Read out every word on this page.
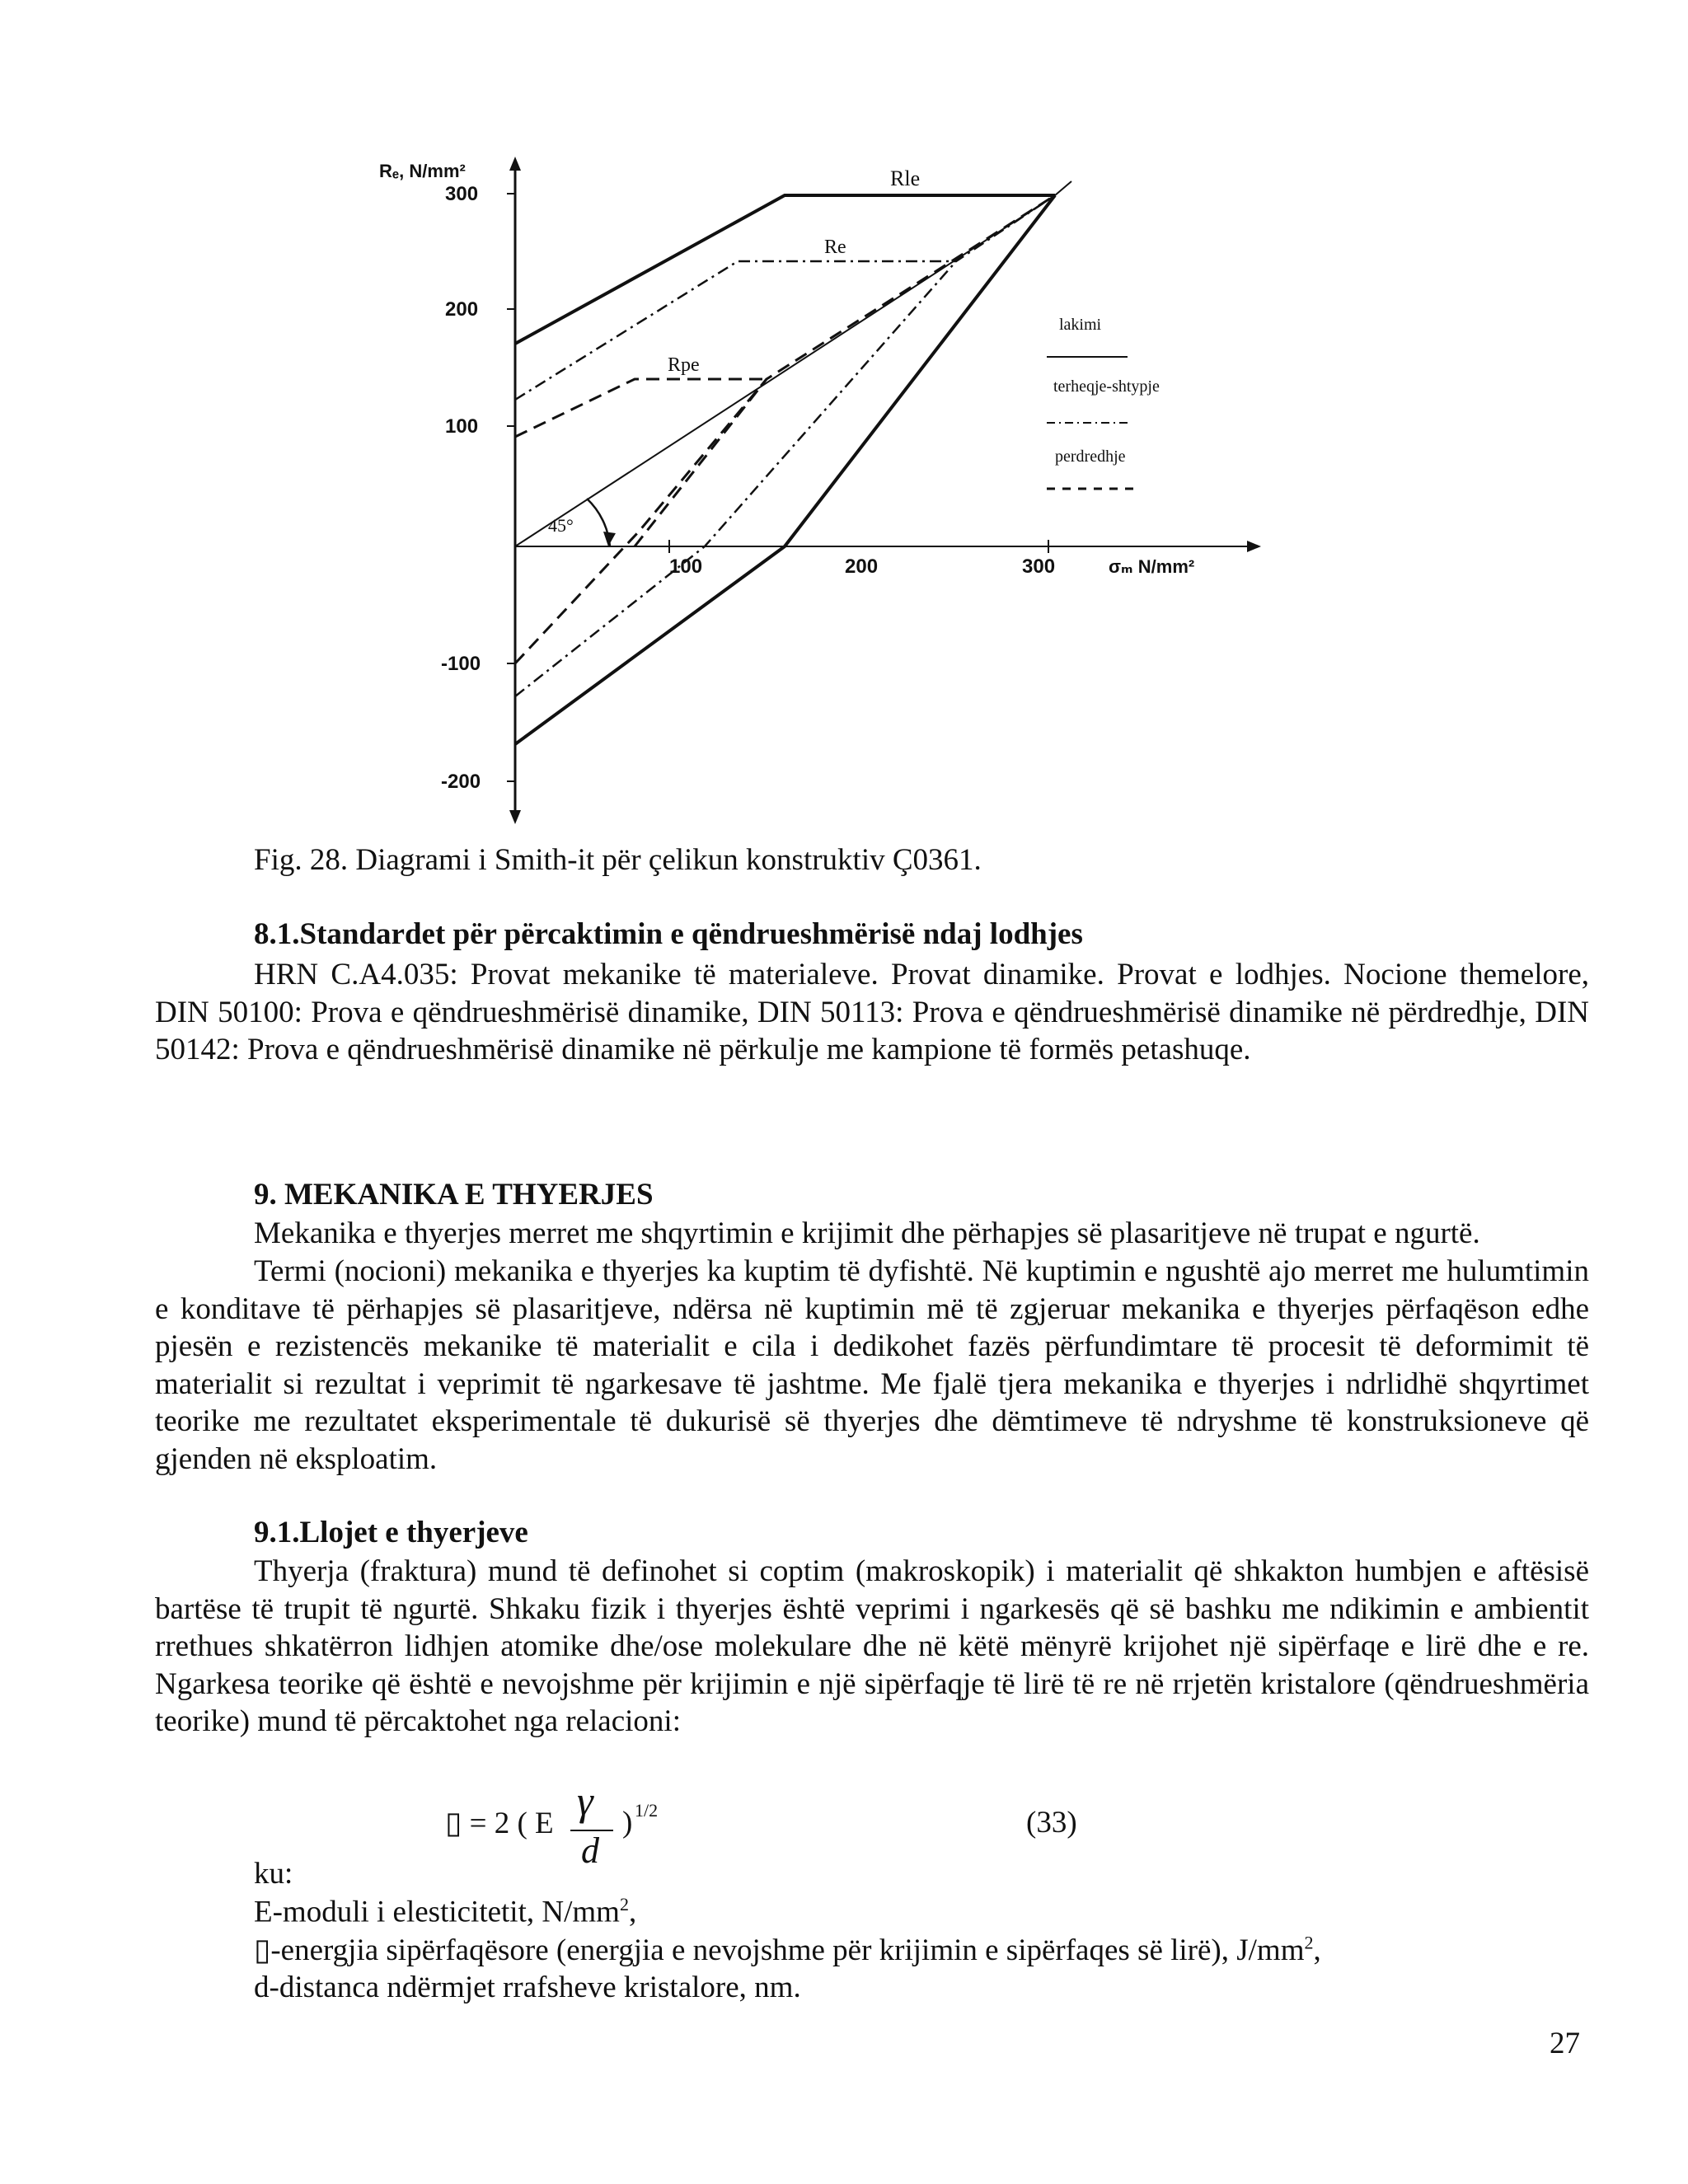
Rₑ, N/mm²
300
200
100
-100
-200
100	200	300	σₘ N/mm²
45°
Rle
Re
Rpe
lakimi
terheqje-shtypje
perdredhje
Fig. 28. Diagrami i Smith-it për çelikun konstruktiv Ç0361.
8.1.Standardet për përcaktimin e qëndrueshmërisë ndaj lodhjes
HRN C.A4.035: Provat mekanike të materialeve. Provat dinamike. Provat e lodhjes. Nocione themelore, DIN 50100: Prova e qëndrueshmërisë dinamike, DIN 50113: Prova e qëndrueshmërisë dinamike në përdredhje, DIN 50142: Prova e qëndrueshmërisë dinamike në përkulje me kampione të formës petashuqe.
9. MEKANIKA E THYERJES
Mekanika e thyerjes merret me shqyrtimin e krijimit dhe përhapjes së plasaritjeve në trupat e ngurtë.
Termi (nocioni) mekanika e thyerjes ka kuptim të dyfishtë. Në kuptimin e ngushtë ajo merret me hulumtimin e konditave të përhapjes së plasaritjeve, ndërsa në kuptimin më të zgjeruar mekanika e thyerjes përfaqëson edhe pjesën e rezistencës mekanike të materialit e cila i dedikohet fazës përfundimtare të procesit të deformimit të materialit si rezultat i veprimit të ngarkesave të jashtme. Me fjalë tjera mekanika e thyerjes i ndrlidhë shqyrtimet teorike me rezultatet eksperimentale të dukurisë së thyerjes dhe dëmtimeve të ndryshme të konstruksioneve që gjenden në eksploatim.
9.1.Llojet e thyerjeve
Thyerja (fraktura) mund të definohet si coptim (makroskopik) i materialit që shkakton humbjen e aftësisë bartëse të trupit të ngurtë. Shkaku fizik i thyerjes është veprimi i ngarkesës që së bashku me ndikimin e ambientit rrethues shkatërron lidhjen atomike dhe/ose molekulare dhe në këtë mënyrë krijohet një sipërfaqe e lirë dhe e re. Ngarkesa teorike që është e nevojshme për krijimin e një sipërfaqje të lirë të re në rrjetën kristalore (qëndrueshmëria teorike) mund të përcaktohet nga relacioni:
▯ = 2 ( E γ
d
) 1/2	(33)
ku:
E-moduli i elesticitetit, $N/mm^2$,
▯-energjia sipërfaqësore (energjia e nevojshme për krijimin e sipërfaqes së lirë), $J/mm^2$,
d-distanca ndërmjet rrafsheve kristalore, nm.
27
